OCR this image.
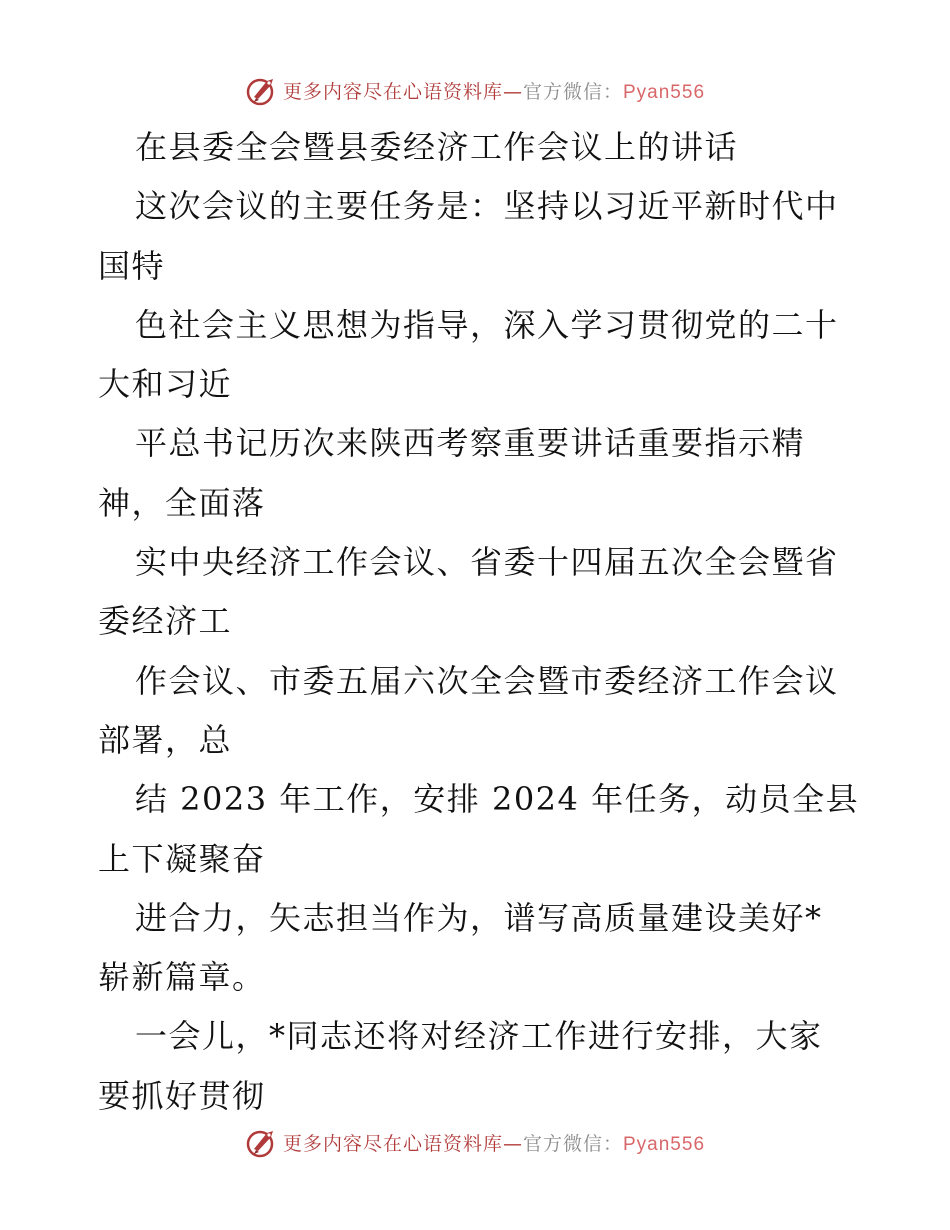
更多内容尽在心语资料库—官方微信：Pyan556
在县委全会暨县委经济工作会议上的讲话
这次会议的主要任务是：坚持以习近平新时代中
国特
色社会主义思想为指导，深入学习贯彻党的二十
大和习近
平总书记历次来陕西考察重要讲话重要指示精
神，全面落
实中央经济工作会议、省委十四届五次全会暨省
委经济工
作会议、市委五届六次全会暨市委经济工作会议
部署，总
结 2023 年工作，安排 2024 年任务，动员全县
上下凝聚奋
进合力，矢志担当作为，谱写高质量建设美好*
崭新篇章。
一会儿，*同志还将对经济工作进行安排，大家
要抓好贯彻
更多内容尽在心语资料库—官方微信：Pyan556
